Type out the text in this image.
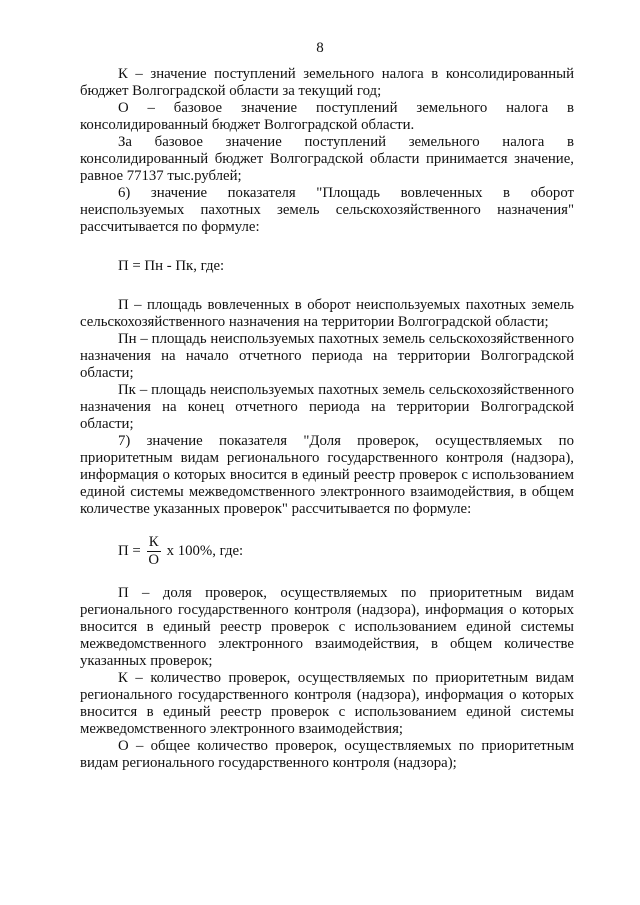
8

К – значение поступлений земельного налога в консолидированный бюджет Волгоградской области за текущий год;

О – базовое значение поступлений земельного налога в консолидированный бюджет Волгоградской области.

За базовое значение поступлений земельного налога в консолидированный бюджет Волгоградской области принимается значение, равное 77137 тыс.рублей;

6) значение показателя "Площадь вовлеченных в оборот неиспользуемых пахотных земель сельскохозяйственного назначения" рассчитывается по формуле:

П = Пн - Пк, где:

П – площадь вовлеченных в оборот неиспользуемых пахотных земель сельскохозяйственного назначения на территории Волгоградской области;

Пн – площадь неиспользуемых пахотных земель сельскохозяйственного назначения на начало отчетного периода на территории Волгоградской области;

Пк – площадь неиспользуемых пахотных земель сельскохозяйственного назначения на конец отчетного периода на территории Волгоградской области;

7) значение показателя "Доля проверок, осуществляемых по приоритетным видам регионального государственного контроля (надзора), информация о которых вносится в единый реестр проверок с использованием единой системы межведомственного электронного взаимодействия, в общем количестве указанных проверок" рассчитывается по формуле:

$П = \frac{К}{О}$ х 100%, где:

П – доля проверок, осуществляемых по приоритетным видам регионального государственного контроля (надзора), информация о которых вносится в единый реестр проверок с использованием единой системы межведомственного электронного взаимодействия, в общем количестве указанных проверок;

К – количество проверок, осуществляемых по приоритетным видам регионального государственного контроля (надзора), информация о которых вносится в единый реестр проверок с использованием единой системы межведомственного электронного взаимодействия;

О – общее количество проверок, осуществляемых по приоритетным видам регионального государственного контроля (надзора);
